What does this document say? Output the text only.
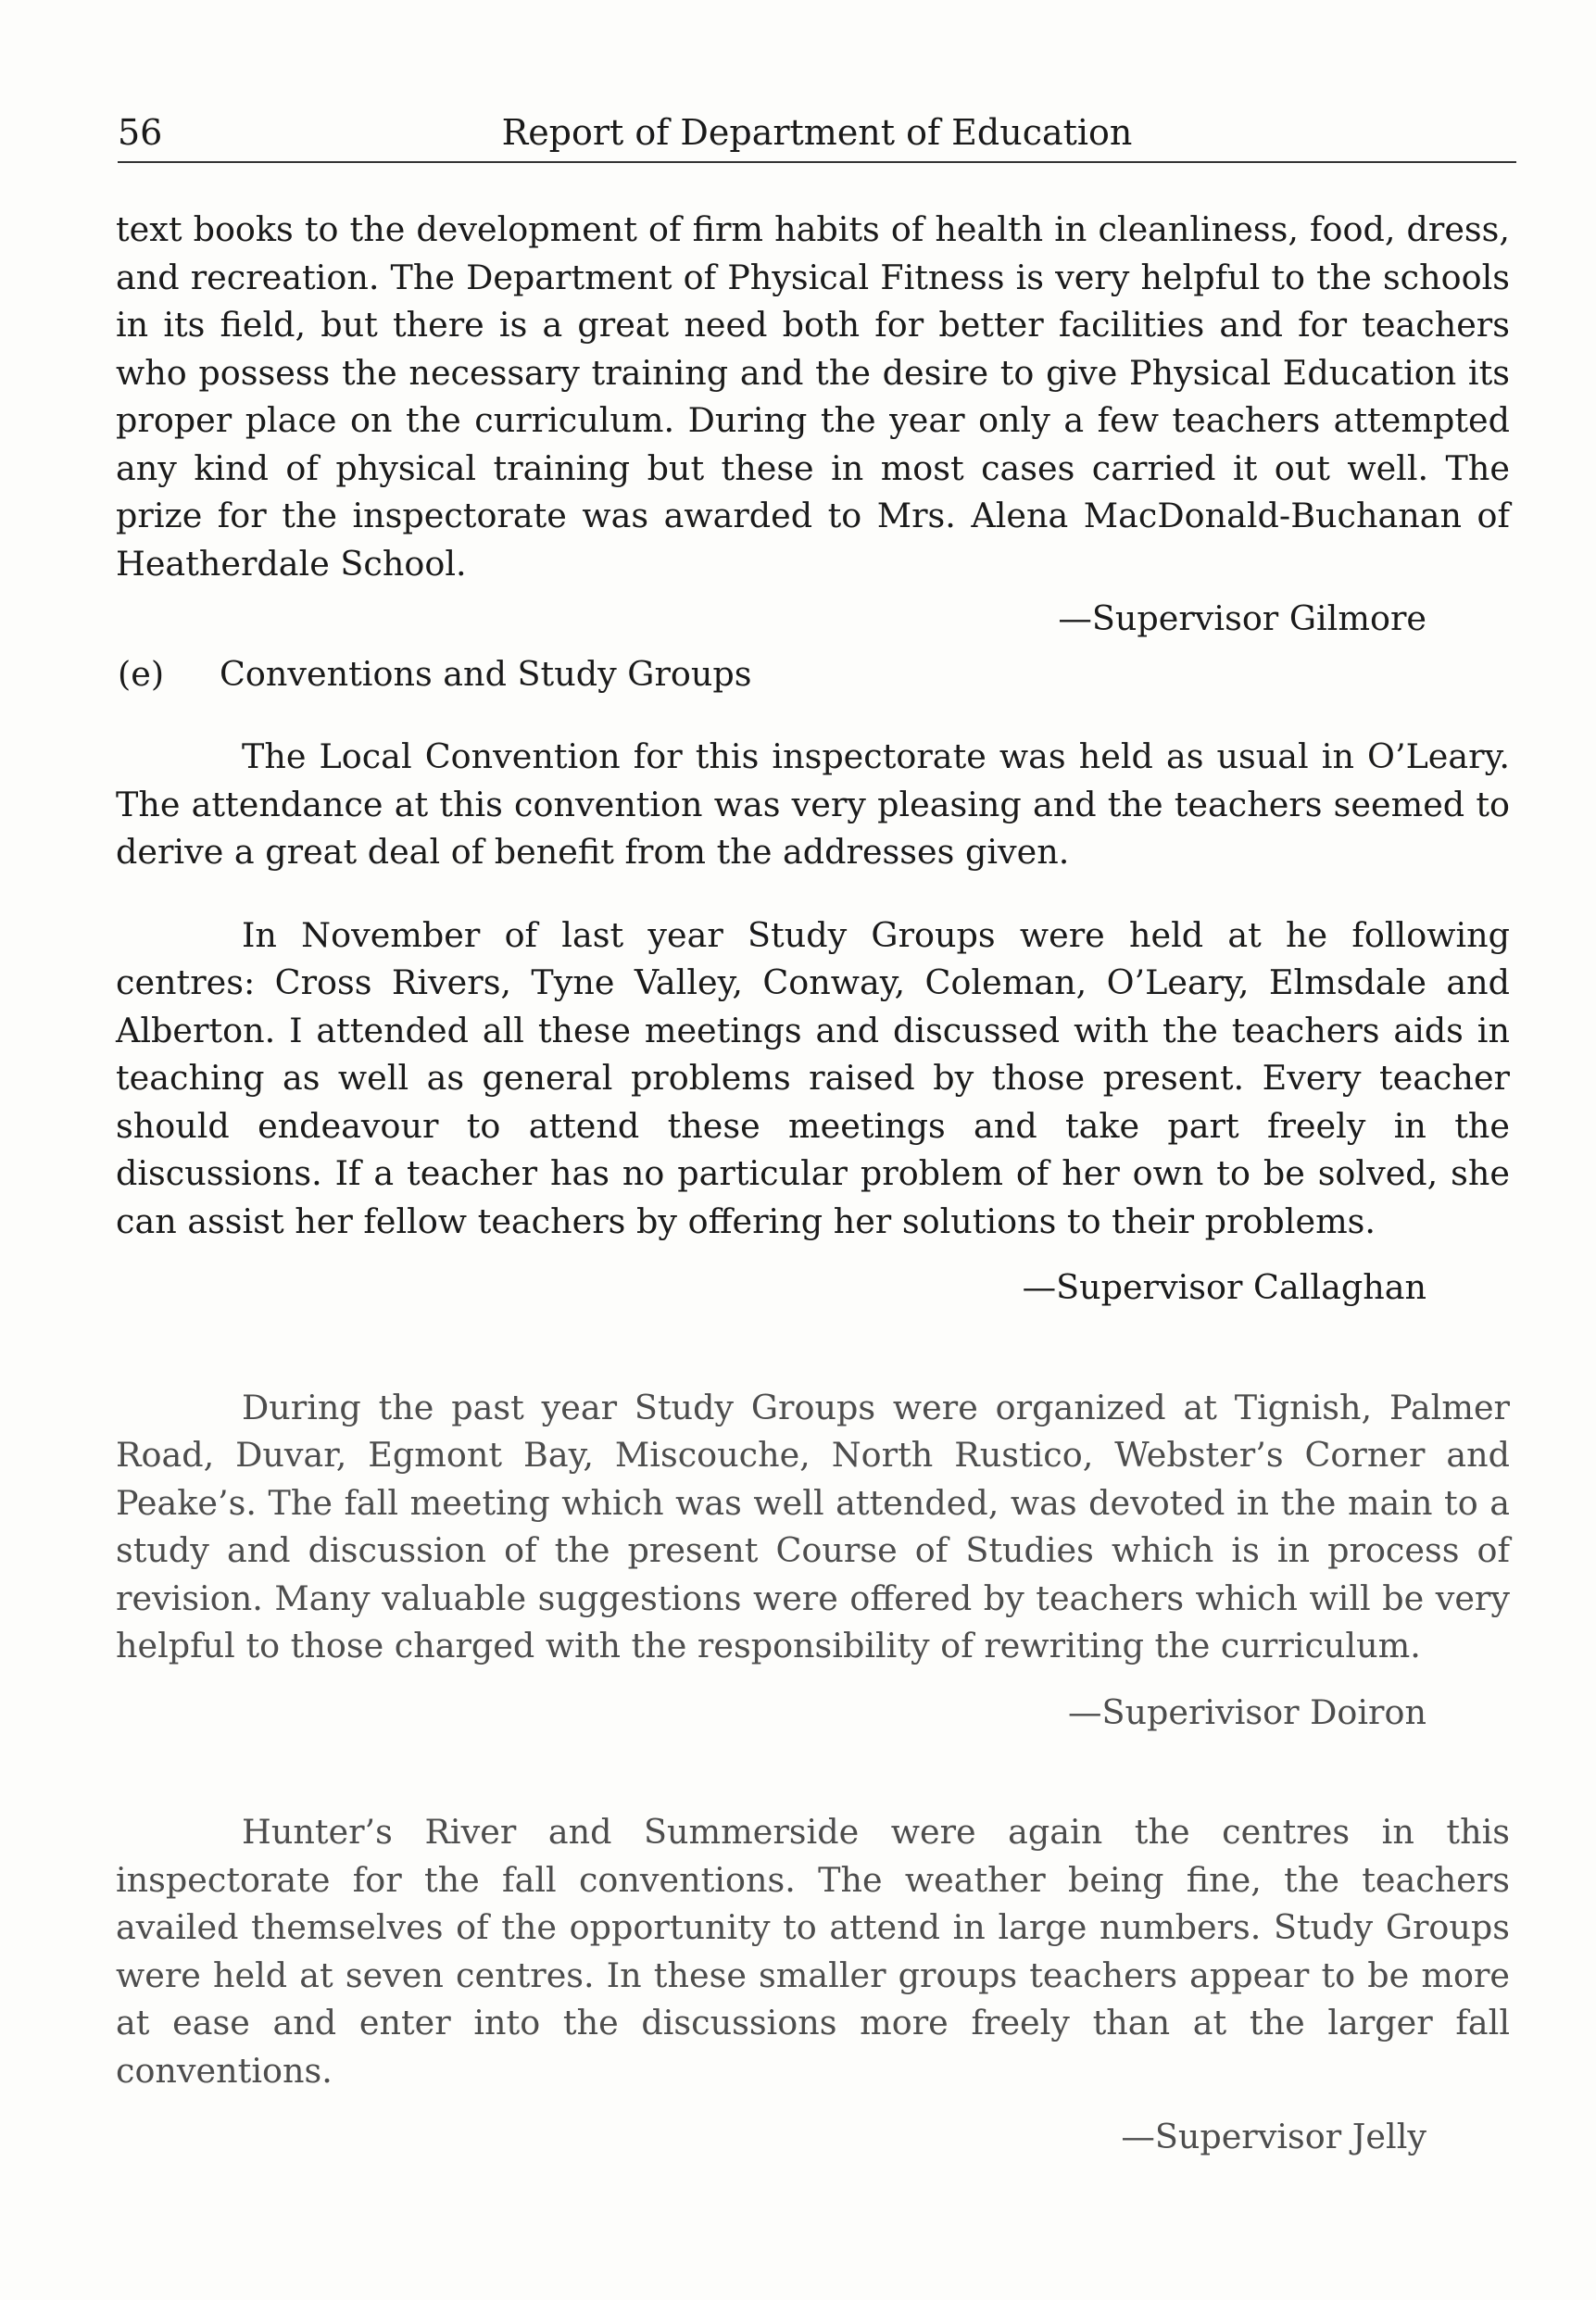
56	Report of Department of Education

text books to the development of firm habits of health in cleanliness, food, dress, and recreation. The Department of Physical Fitness is very helpful to the schools in its field, but there is a great need both for better facilities and for teachers who possess the necessary training and the desire to give Physical Education its proper place on the curriculum. During the year only a few teachers attempted any kind of physical training but these in most cases carried it out well. The prize for the inspectorate was awarded to Mrs. Alena MacDonald-Buchanan of Heatherdale School.

—Supervisor Gilmore

(e)	Conventions and Study Groups

The Local Convention for this inspectorate was held as usual in O’Leary. The attendance at this convention was very pleasing and the teachers seemed to derive a great deal of benefit from the addresses given.

In November of last year Study Groups were held at he following centres: Cross Rivers, Tyne Valley, Conway, Coleman, O’Leary, Elmsdale and Alberton. I attended all these meetings and discussed with the teachers aids in teaching as well as general problems raised by those present. Every teacher should endeavour to attend these meetings and take part freely in the discussions. If a teacher has no particular problem of her own to be solved, she can assist her fellow teachers by offering her solutions to their problems.

—Supervisor Callaghan

During the past year Study Groups were organized at Tignish, Palmer Road, Duvar, Egmont Bay, Miscouche, North Rustico, Webster’s Corner and Peake’s. The fall meeting which was well attended, was devoted in the main to a study and discussion of the present Course of Studies which is in process of revision. Many valuable suggestions were offered by teachers which will be very helpful to those charged with the responsibility of rewriting the curriculum.

—Superivisor Doiron

Hunter’s River and Summerside were again the centres in this inspectorate for the fall conventions. The weather being fine, the teachers availed themselves of the opportunity to attend in large numbers. Study Groups were held at seven centres. In these smaller groups teachers appear to be more at ease and enter into the discussions more freely than at the larger fall conventions.

—Supervisor Jelly
